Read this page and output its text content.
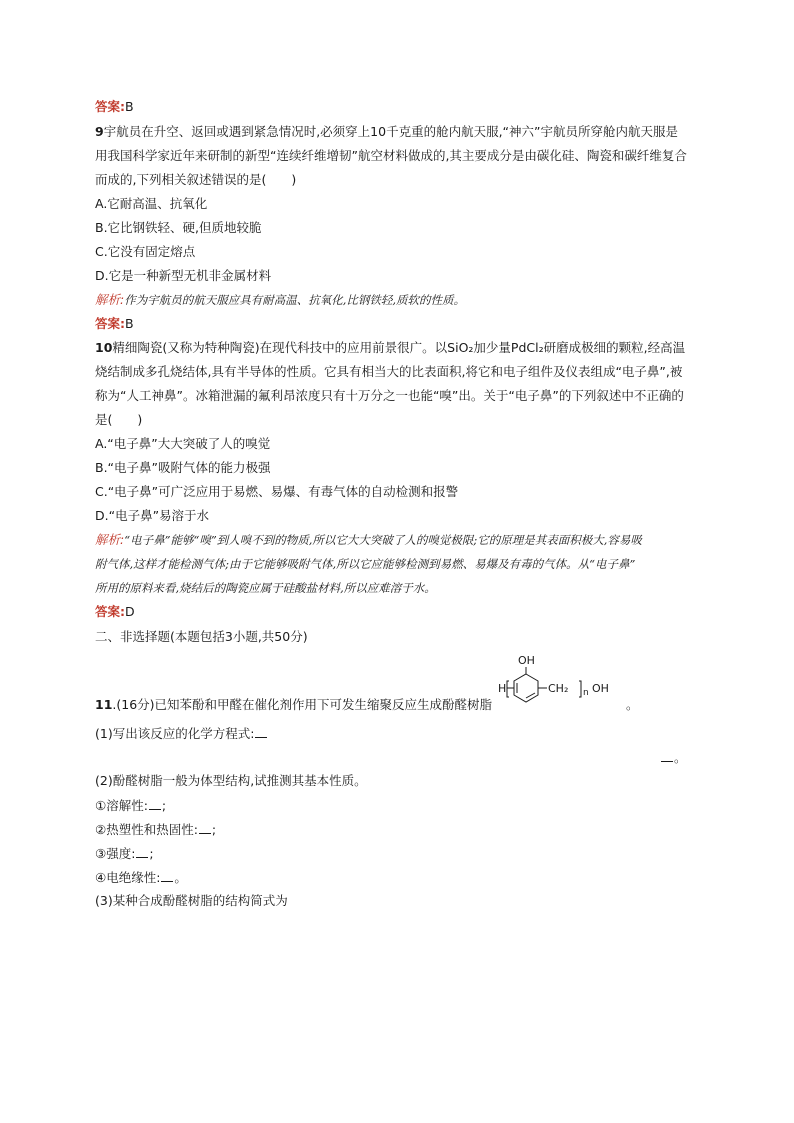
答案:B
9宇航员在升空、返回或遇到紧急情况时,必须穿上10千克重的舱内航天服,“神六”宇航员所穿舱内航天服是
用我国科学家近年来研制的新型“连续纤维增韧”航空材料做成的,其主要成分是由碳化硅、陶瓷和碳纤维复合
而成的,下列相关叙述错误的是(　　)
A.它耐高温、抗氧化
B.它比钢铁轻、硬,但质地较脆
C.它没有固定熔点
D.它是一种新型无机非金属材料
解析:作为宇航员的航天服应具有耐高温、抗氧化,比钢铁轻,质软的性质。
答案:B
10精细陶瓷(又称为特种陶瓷)在现代科技中的应用前景很广。以SiO₂加少量PdCl₂研磨成极细的颗粒,经高温
烧结制成多孔烧结体,具有半导体的性质。它具有相当大的比表面积,将它和电子组件及仪表组成“电子鼻”,被
称为“人工神鼻”。冰箱泄漏的氟利昂浓度只有十万分之一也能“嗅”出。关于“电子鼻”的下列叙述中不正确的
是(　　)
A.“电子鼻”大大突破了人的嗅觉
B.“电子鼻”吸附气体的能力极强
C.“电子鼻”可广泛应用于易燃、易爆、有毒气体的自动检测和报警
D.“电子鼻”易溶于水
解析:“电子鼻”能够“嗅”到人嗅不到的物质,所以它大大突破了人的嗅觉极限;它的原理是其表面积极大,容易吸
附气体,这样才能检测气体;由于它能够吸附气体,所以它应能够检测到易燃、易爆及有毒的气体。从“电子鼻”
所用的原料来看,烧结后的陶瓷应属于硅酸盐材料,所以应难溶于水。
答案:D
二、非选择题(本题包括3小题,共50分)
11.(16分)已知苯酚和甲醛在催化剂作用下可发生缩聚反应生成酚醛树脂	。
OH
H	CH₂ n OH
(1)写出该反应的化学方程式:
。
(2)酚醛树脂一般为体型结构,试推测其基本性质。
①溶解性: ;
②热塑性和热固性: ;
③强度: ;
④电绝缘性: 。
(3)某种合成酚醛树脂的结构简式为
